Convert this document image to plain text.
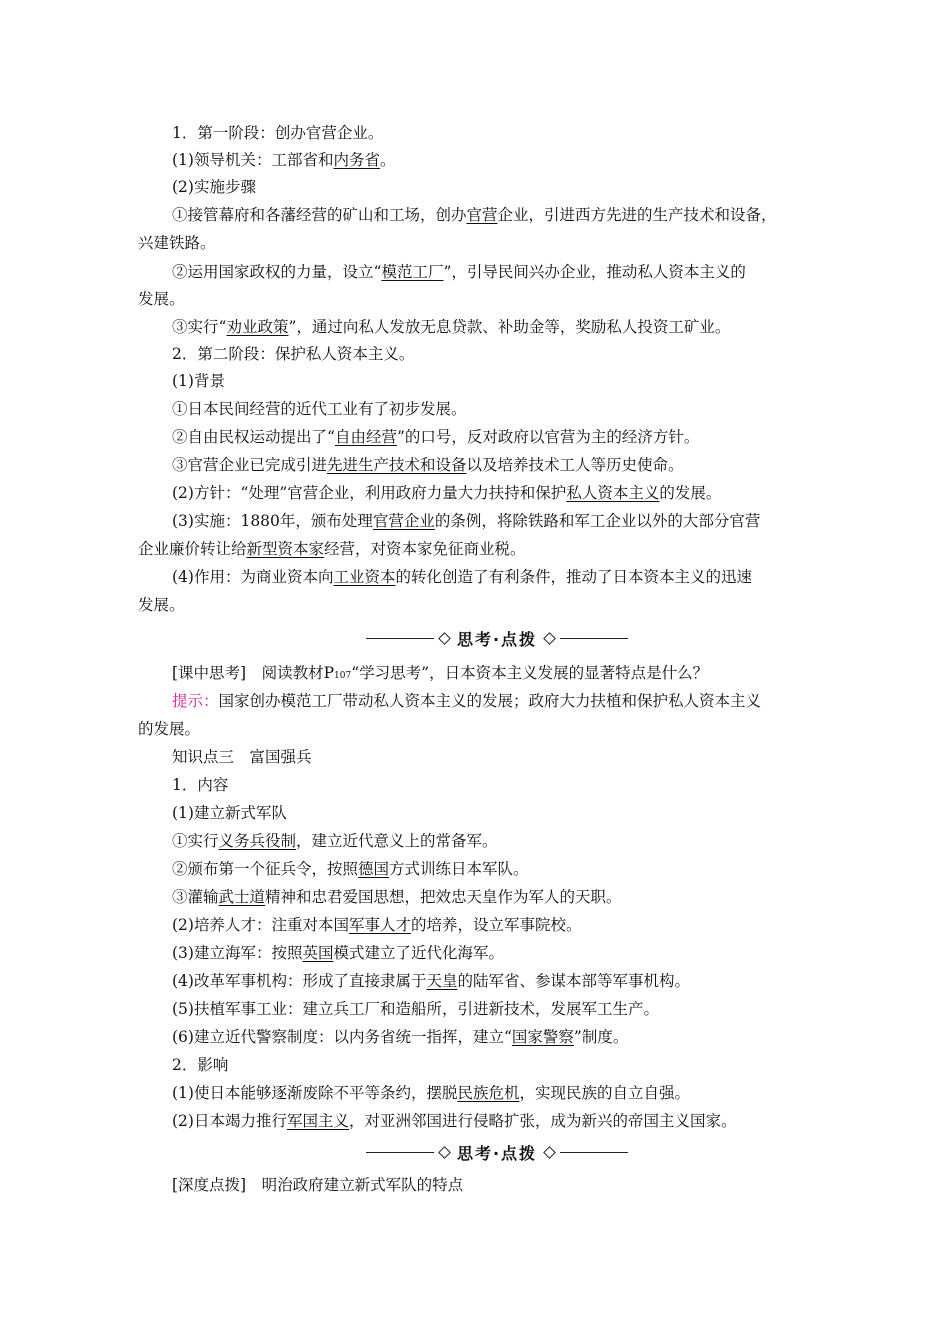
1．第一阶段：创办官营企业。
(1)领导机关：工部省和内务省。
(2)实施步骤
①接管幕府和各藩经营的矿山和工场，创办官营企业，引进西方先进的生产技术和设备，
兴建铁路。
②运用国家政权的力量，设立“模范工厂”，引导民间兴办企业，推动私人资本主义的
发展。
③实行“劝业政策”，通过向私人发放无息贷款、补助金等，奖励私人投资工矿业。
2．第二阶段：保护私人资本主义。
(1)背景
①日本民间经营的近代工业有了初步发展。
②自由民权运动提出了“自由经营”的口号，反对政府以官营为主的经济方针。
③官营企业已完成引进先进生产技术和设备以及培养技术工人等历史使命。
(2)方针：“处理”官营企业，利用政府力量大力扶持和保护私人资本主义的发展。
(3)实施：1880年，颁布处理官营企业的条例，将除铁路和军工企业以外的大部分官营
企业廉价转让给新型资本家经营，对资本家免征商业税。
(4)作用：为商业资本向工业资本的转化创造了有利条件，推动了日本资本主义的迅速
发展。
思考·点拨
[课中思考]　阅读教材P107“学习思考”，日本资本主义发展的显著特点是什么？
提示：国家创办模范工厂带动私人资本主义的发展；政府大力扶植和保护私人资本主义
的发展。
知识点三　富国强兵
1．内容
(1)建立新式军队
①实行义务兵役制，建立近代意义上的常备军。
②颁布第一个征兵令，按照德国方式训练日本军队。
③灌输武士道精神和忠君爱国思想，把效忠天皇作为军人的天职。
(2)培养人才：注重对本国军事人才的培养，设立军事院校。
(3)建立海军：按照英国模式建立了近代化海军。
(4)改革军事机构：形成了直接隶属于天皇的陆军省、参谋本部等军事机构。
(5)扶植军事工业：建立兵工厂和造船所，引进新技术，发展军工生产。
(6)建立近代警察制度：以内务省统一指挥，建立“国家警察”制度。
2．影响
(1)使日本能够逐渐废除不平等条约，摆脱民族危机，实现民族的自立自强。
(2)日本竭力推行军国主义，对亚洲邻国进行侵略扩张，成为新兴的帝国主义国家。
思考·点拨
[深度点拨]　明治政府建立新式军队的特点
